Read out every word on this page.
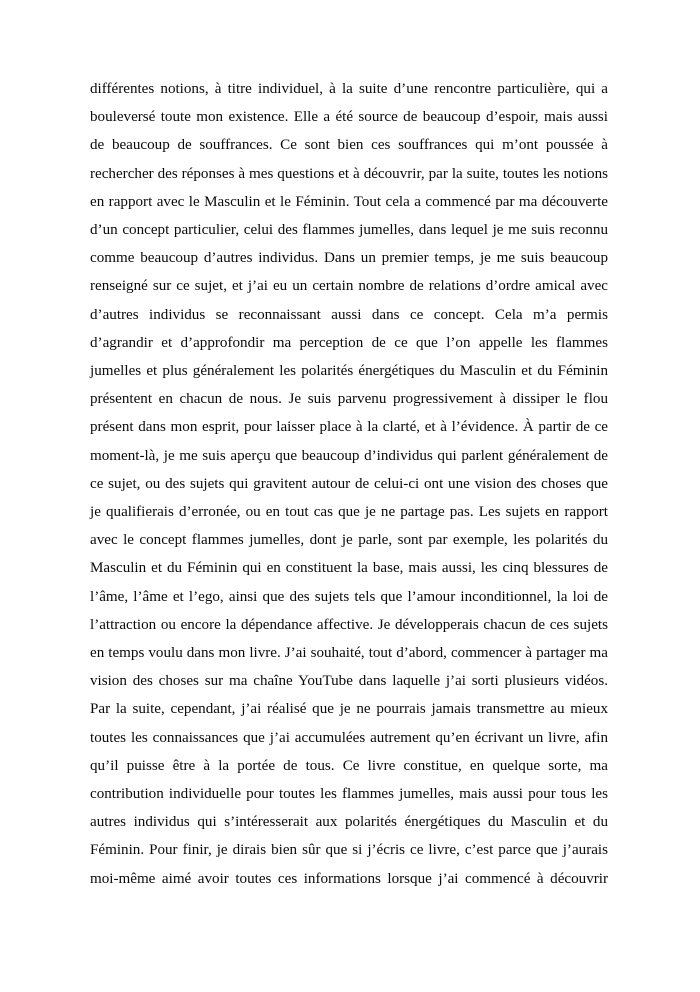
différentes notions, à titre individuel, à la suite d’une rencontre particulière, qui a bouleversé toute mon existence. Elle a été source de beaucoup d’espoir, mais aussi de beaucoup de souffrances. Ce sont bien ces souffrances qui m’ont poussée à rechercher des réponses à mes questions et à découvrir, par la suite, toutes les notions en rapport avec le Masculin et le Féminin. Tout cela a commencé par ma découverte d’un concept particulier, celui des flammes jumelles, dans lequel je me suis reconnu comme beaucoup d’autres individus. Dans un premier temps, je me suis beaucoup renseigné sur ce sujet, et j’ai eu un certain nombre de relations d’ordre amical avec d’autres individus se reconnaissant aussi dans ce concept. Cela m’a permis d’agrandir et d’approfondir ma perception de ce que l’on appelle les flammes jumelles et plus généralement les polarités énergétiques du Masculin et du Féminin présentent en chacun de nous. Je suis parvenu progressivement à dissiper le flou présent dans mon esprit, pour laisser place à la clarté, et à l’évidence. À partir de ce moment-là, je me suis aperçu que beaucoup d’individus qui parlent généralement de ce sujet, ou des sujets qui gravitent autour de celui-ci ont une vision des choses que je qualifierais d’erronée, ou en tout cas que je ne partage pas. Les sujets en rapport avec le concept flammes jumelles, dont je parle, sont par exemple, les polarités du Masculin et du Féminin qui en constituent la base, mais aussi, les cinq blessures de l’âme, l’âme et l’ego, ainsi que des sujets tels que l’amour inconditionnel, la loi de l’attraction ou encore la dépendance affective. Je développerais chacun de ces sujets en temps voulu dans mon livre. J’ai souhaité, tout d’abord, commencer à partager ma vision des choses sur ma chaîne YouTube dans laquelle j’ai sorti plusieurs vidéos. Par la suite, cependant, j’ai réalisé que je ne pourrais jamais transmettre au mieux toutes les connaissances que j’ai accumulées autrement qu’en écrivant un livre, afin qu’il puisse être à la portée de tous. Ce livre constitue, en quelque sorte, ma contribution individuelle pour toutes les flammes jumelles, mais aussi pour tous les autres individus qui s’intéresserait aux polarités énergétiques du Masculin et du Féminin. Pour finir, je dirais bien sûr que si j’écris ce livre, c’est parce que j’aurais moi-même aimé avoir toutes ces informations lorsque j’ai commencé à découvrir
